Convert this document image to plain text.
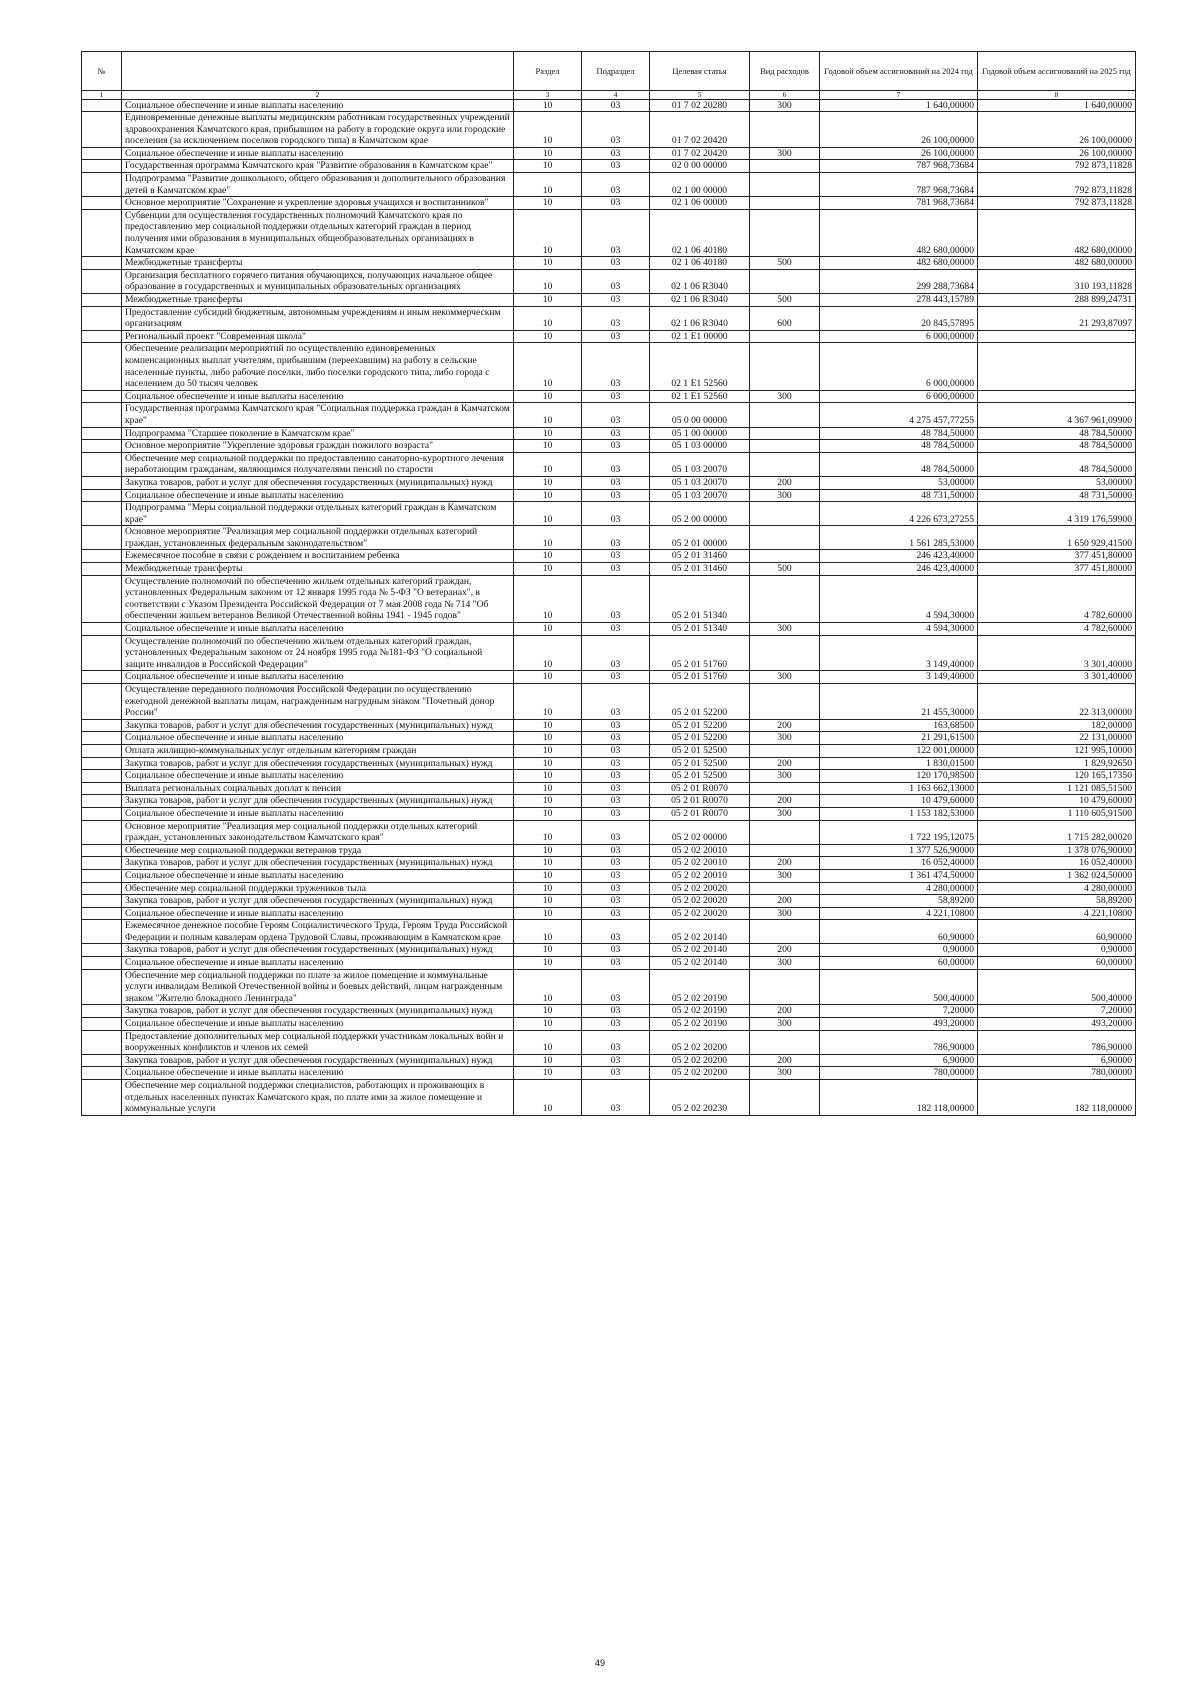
№		Раздел	Подраздел	Целевая статья	Вид расходов	Годовой объем ассигнований на 2024 год	Годовой объем ассигнований на 2025 год
1	2	3	4	5	6	7	8
	Социальное обеспечение и иные выплаты населению	10	03	01 7 02 20280	300	1 640,00000	1 640,00000
	Единовременные денежные выплаты медицинским работникам государственных учреждений здравоохранения Камчатского края, прибывшим на работу в городские округа или городские поселения (за исключением поселков городского типа) в Камчатском крае	10	03	01 7 02 20420		26 100,00000	26 100,00000
	Социальное обеспечение и иные выплаты населению	10	03	01 7 02 20420	300	26 100,00000	26 100,00000
	Государственная программа Камчатского края "Развитие образования в Камчатском крае"	10	03	02 0 00 00000		787 968,73684	792 873,11828
	Подпрограмма "Развитие дошкольного, общего образования и дополнительного образования детей в Камчатском крае"	10	03	02 1 00 00000		787 968,73684	792 873,11828
	Основное мероприятие "Сохранение и укрепление здоровья учащихся и воспитанников"	10	03	02 1 06 00000		781 968,73684	792 873,11828
	Субвенции для осуществления государственных полномочий Камчатского края по предоставлению мер социальной поддержки отдельных категорий граждан в период получения ими образования в муниципальных общеобразовательных организациях в Камчатском крае	10	03	02 1 06 40180		482 680,00000	482 680,00000
	Межбюджетные трансферты	10	03	02 1 06 40180	500	482 680,00000	482 680,00000
	Организация бесплатного горячего питания обучающихся, получающих начальное общее образование в государственных и муниципальных образовательных организациях	10	03	02 1 06 R3040		299 288,73684	310 193,11828
	Межбюджетные трансферты	10	03	02 1 06 R3040	500	278 443,15789	288 899,24731
	Предоставление субсидий бюджетным, автономным учреждениям и иным некоммерческим организациям	10	03	02 1 06 R3040	600	20 845,57895	21 293,87097
	Региональный проект "Современная школа"	10	03	02 1 Е1 00000		6 000,00000	
	Обеспечение реализации мероприятий по осуществлению единовременных компенсационных выплат учителям, прибывшим (переехавшим) на работу в сельские населенные пункты, либо рабочие поселки, либо поселки городского типа, либо города с населением до 50 тысяч человек	10	03	02 1 Е1 52560		6 000,00000	
	Социальное обеспечение и иные выплаты населению	10	03	02 1 Е1 52560	300	6 000,00000	
	Государственная программа Камчатского края "Социальная поддержка граждан в Камчатском крае"	10	03	05 0 00 00000		4 275 457,77255	4 367 961,09900
	Подпрограмма "Старшее поколение в Камчатском крае"	10	03	05 1 00 00000		48 784,50000	48 784,50000
	Основное мероприятие "Укрепление здоровья граждан пожилого возраста"	10	03	05 1 03 00000		48 784,50000	48 784,50000
	Обеспечение мер социальной поддержки по предоставлению санаторно-курортного лечения неработающим гражданам, являющимся получателями пенсий по старости	10	03	05 1 03 20070		48 784,50000	48 784,50000
	Закупка товаров, работ и услуг для обеспечения государственных (муниципальных) нужд	10	03	05 1 03 20070	200	53,00000	53,00000
	Социальное обеспечение и иные выплаты населению	10	03	05 1 03 20070	300	48 731,50000	48 731,50000
	Подпрограмма "Меры социальной поддержки отдельных категорий граждан в Камчатском крае"	10	03	05 2 00 00000		4 226 673,27255	4 319 176,59900
	Основное мероприятие "Реализация мер социальной поддержки отдельных категорий граждан, установленных федеральным законодательством"	10	03	05 2 01 00000		1 561 285,53000	1 650 929,41500
	Ежемесячное пособие в связи с рождением и воспитанием ребенка	10	03	05 2 01 31460		246 423,40000	377 451,80000
	Межбюджетные трансферты	10	03	05 2 01 31460	500	246 423,40000	377 451,80000
	Осуществление полномочий по обеспечению жильем отдельных категорий граждан, установленных Федеральным законом от 12 января 1995 года № 5-ФЗ "О ветеранах", в соответствии с Указом Президента Российской Федерации от 7 мая 2008 года № 714 "Об обеспечении жильем ветеранов Великой Отечественной войны 1941 - 1945 годов"	10	03	05 2 01 51340		4 594,30000	4 782,60000
	Социальное обеспечение и иные выплаты населению	10	03	05 2 01 51340	300	4 594,30000	4 782,60000
	Осуществление полномочий по обеспечению жильем отдельных категорий граждан, установленных Федеральным законом от 24 ноября 1995 года №181-ФЗ "О социальной защите инвалидов в Российской Федерации"	10	03	05 2 01 51760		3 149,40000	3 301,40000
	Социальное обеспечение и иные выплаты населению	10	03	05 2 01 51760	300	3 149,40000	3 301,40000
	Осуществление переданного полномочия Российской Федерации по осуществлению ежегодной денежной выплаты лицам, награжденным нагрудным знаком "Почетный донор России"	10	03	05 2 01 52200		21 455,30000	22 313,00000
	Закупка товаров, работ и услуг для обеспечения государственных (муниципальных) нужд	10	03	05 2 01 52200	200	163,68500	182,00000
	Социальное обеспечение и иные выплаты населению	10	03	05 2 01 52200	300	21 291,61500	22 131,00000
	Оплата жилищно-коммунальных услуг отдельным категориям граждан	10	03	05 2 01 52500		122 001,00000	121 995,10000
	Закупка товаров, работ и услуг для обеспечения государственных (муниципальных) нужд	10	03	05 2 01 52500	200	1 830,01500	1 829,92650
	Социальное обеспечение и иные выплаты населению	10	03	05 2 01 52500	300	120 170,98500	120 165,17350
	Выплата региональных социальных доплат к пенсии	10	03	05 2 01 R0070		1 163 662,13000	1 121 085,51500
	Закупка товаров, работ и услуг для обеспечения государственных (муниципальных) нужд	10	03	05 2 01 R0070	200	10 479,60000	10 479,60000
	Социальное обеспечение и иные выплаты населению	10	03	05 2 01 R0070	300	1 153 182,53000	1 110 605,91500
	Основное мероприятие "Реализация мер социальной поддержки отдельных категорий граждан, установленных законодательством Камчатского края"	10	03	05 2 02 00000		1 722 195,12075	1 715 282,00020
	Обеспечение мер социальной поддержки ветеранов труда	10	03	05 2 02 20010		1 377 526,90000	1 378 076,90000
	Закупка товаров, работ и услуг для обеспечения государственных (муниципальных) нужд	10	03	05 2 02 20010	200	16 052,40000	16 052,40000
	Социальное обеспечение и иные выплаты населению	10	03	05 2 02 20010	300	1 361 474,50000	1 362 024,50000
	Обеспечение мер социальной поддержки тружеников тыла	10	03	05 2 02 20020		4 280,00000	4 280,00000
	Закупка товаров, работ и услуг для обеспечения государственных (муниципальных) нужд	10	03	05 2 02 20020	200	58,89200	58,89200
	Социальное обеспечение и иные выплаты населению	10	03	05 2 02 20020	300	4 221,10800	4 221,10800
	Ежемесячное денежное пособие Героям Социалистического Труда, Героям Труда Российской Федерации и полным кавалерам ордена Трудовой Славы, проживающим в Камчатском крае	10	03	05 2 02 20140		60,90000	60,90000
	Закупка товаров, работ и услуг для обеспечения государственных (муниципальных) нужд	10	03	05 2 02 20140	200	0,90000	0,90000
	Социальное обеспечение и иные выплаты населению	10	03	05 2 02 20140	300	60,00000	60,00000
	Обеспечение мер социальной поддержки по плате за жилое помещение и коммунальные услуги инвалидам Великой Отечественной войны и боевых действий, лицам награжденным знаком "Жителю блокадного Ленинграда"	10	03	05 2 02 20190		500,40000	500,40000
	Закупка товаров, работ и услуг для обеспечения государственных (муниципальных) нужд	10	03	05 2 02 20190	200	7,20000	7,20000
	Социальное обеспечение и иные выплаты населению	10	03	05 2 02 20190	300	493,20000	493,20000
	Предоставление дополнительных мер социальной поддержки участникам локальных войн и вооруженных конфликтов и членов их семей	10	03	05 2 02 20200		786,90000	786,90000
	Закупка товаров, работ и услуг для обеспечения государственных (муниципальных) нужд	10	03	05 2 02 20200	200	6,90000	6,90000
	Социальное обеспечение и иные выплаты населению	10	03	05 2 02 20200	300	780,00000	780,00000
	Обеспечение мер социальной поддержки специалистов, работающих и проживающих в отдельных населенных пунктах Камчатского края, по плате ими за жилое помещение и коммунальные услуги	10	03	05 2 02 20230		182 118,00000	182 118,00000
49
